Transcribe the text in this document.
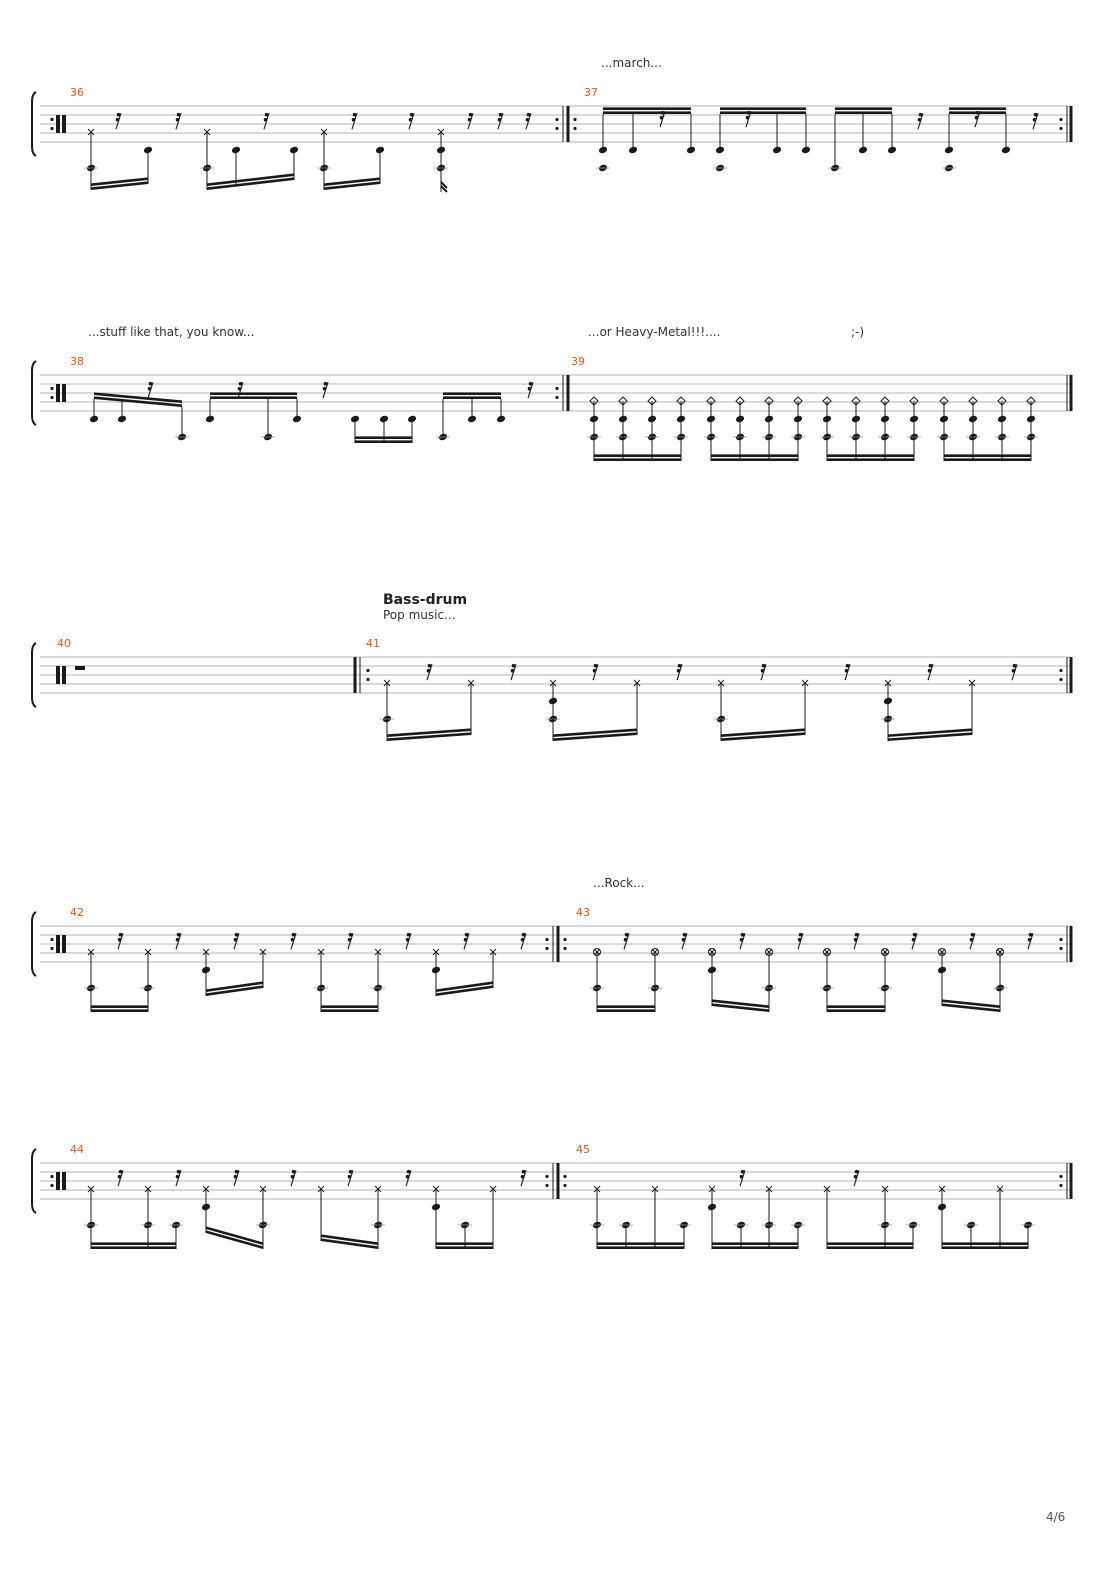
...march...
...stuff like that, you know...	...or Heavy-Metal!!!....	;-)
Bass-drum
Pop music...
...Rock...
36	37
38	39
40	41
42	43
44	45
4/6
